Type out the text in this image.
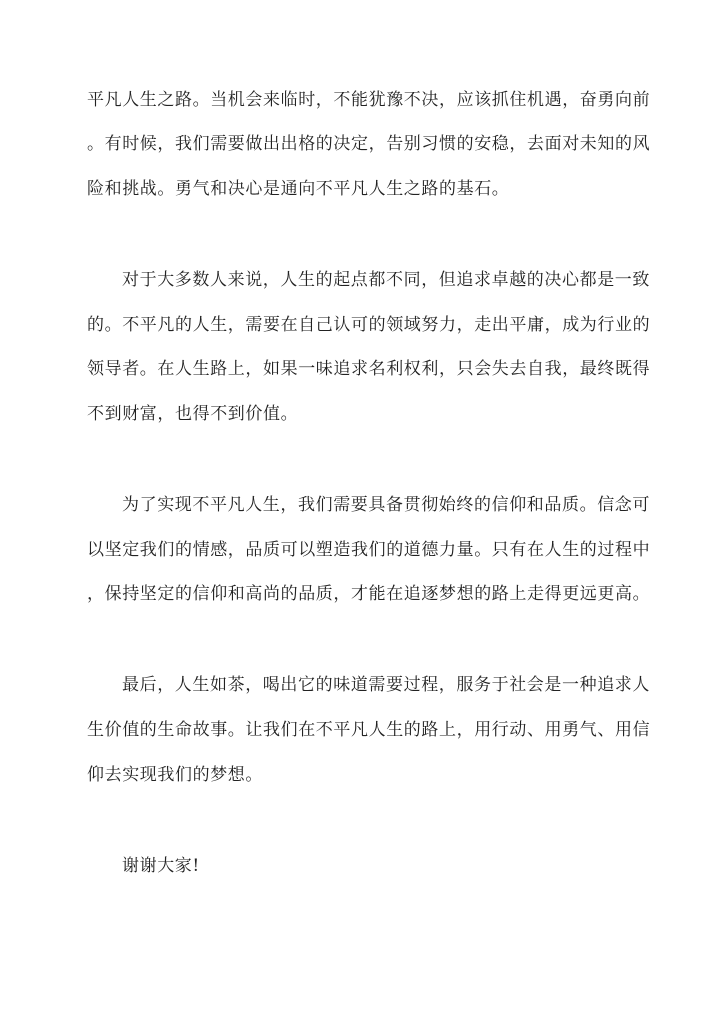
平凡人生之路。当机会来临时，不能犹豫不决，应该抓住机遇，奋勇向前
。有时候，我们需要做出出格的决定，告别习惯的安稳，去面对未知的风
险和挑战。勇气和决心是通向不平凡人生之路的基石。
对于大多数人来说，人生的起点都不同，但追求卓越的决心都是一致
的。不平凡的人生，需要在自己认可的领域努力，走出平庸，成为行业的
领导者。在人生路上，如果一味追求名利权利，只会失去自我，最终既得
不到财富，也得不到价值。
为了实现不平凡人生，我们需要具备贯彻始终的信仰和品质。信念可
以坚定我们的情感，品质可以塑造我们的道德力量。只有在人生的过程中
，保持坚定的信仰和高尚的品质，才能在追逐梦想的路上走得更远更高。
最后，人生如茶，喝出它的味道需要过程，服务于社会是一种追求人
生价值的生命故事。让我们在不平凡人生的路上，用行动、用勇气、用信
仰去实现我们的梦想。
谢谢大家!
